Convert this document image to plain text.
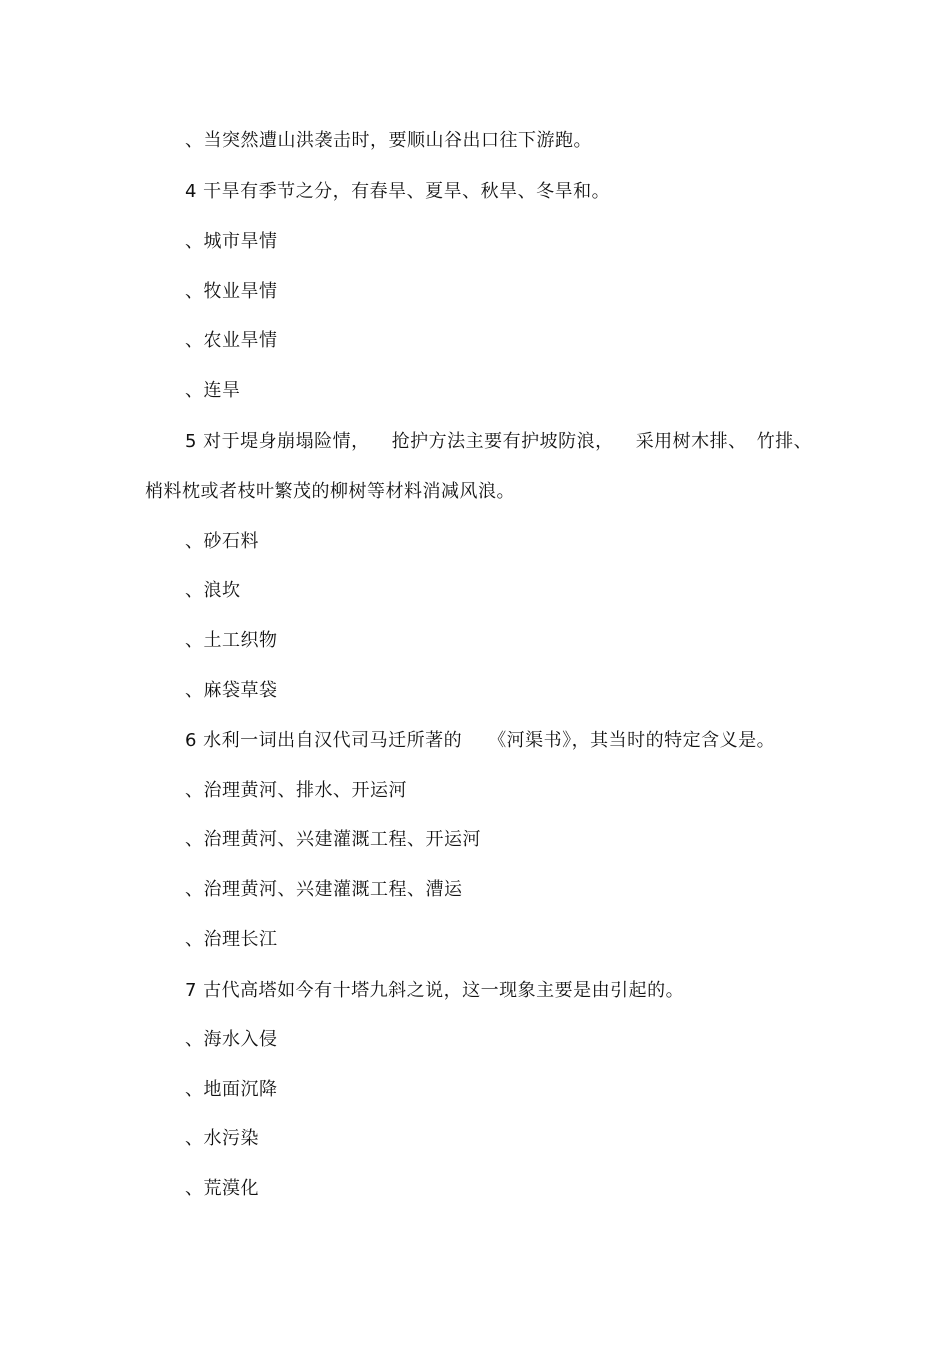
、当突然遭山洪袭击时，要顺山谷出口往下游跑。
4 干旱有季节之分，有春旱、夏旱、秋旱、冬旱和。
、城市旱情
、牧业旱情
、农业旱情
、连旱
5 对于堤身崩塌险情， 抢护方法主要有护坡防浪， 采用树木排、 竹排、
梢料枕或者枝叶繁茂的柳树等材料消减风浪。
、砂石料
、浪坎
、土工织物
、麻袋草袋
6 水利一词出自汉代司马迁所著的 《河渠书》，其当时的特定含义是。
、治理黄河、排水、开运河
、治理黄河、兴建灌溉工程、开运河
、治理黄河、兴建灌溉工程、漕运
、治理长江
7 古代高塔如今有十塔九斜之说，这一现象主要是由引起的。
、海水入侵
、地面沉降
、水污染
、荒漠化
